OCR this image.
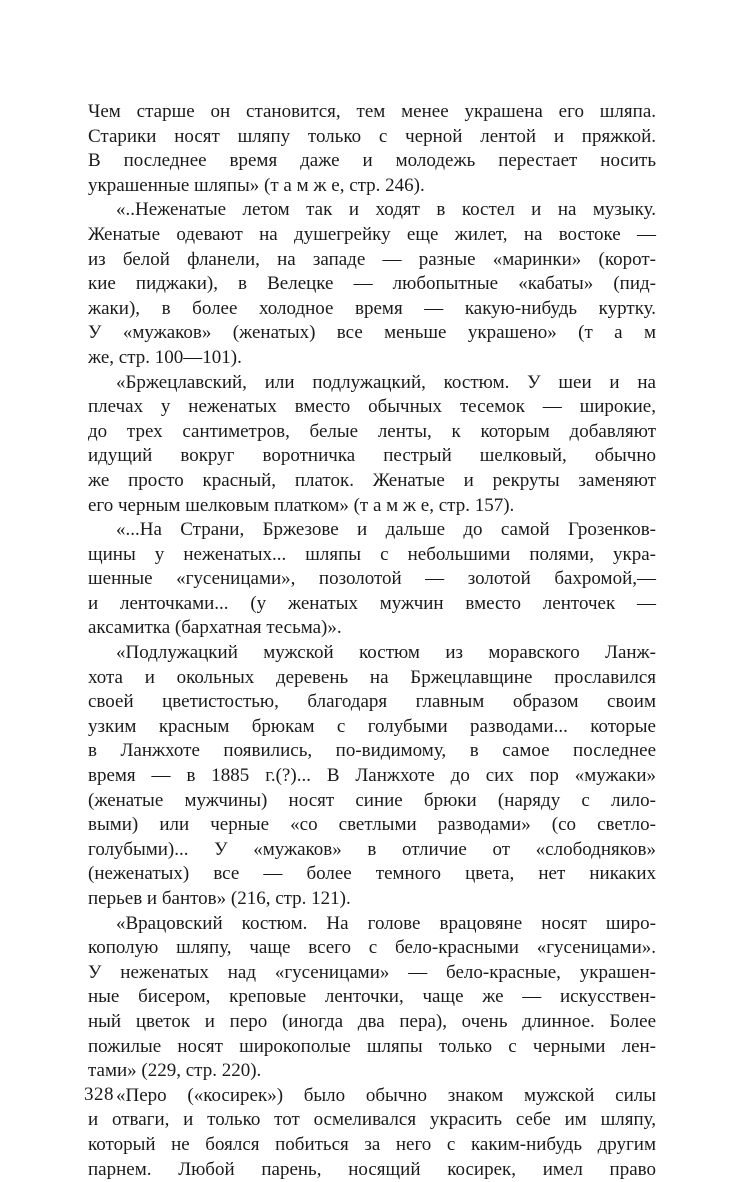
Чем старше он становится, тем менее украшена его шляпа.
Старики носят шляпу только с черной лентой и пряжкой.
В последнее время даже и молодежь перестает носить
украшенные шляпы» (т а м ж е, стр. 246).
«..Неженатые летом так и ходят в костел и на музыку.
Женатые одевают на душегрейку еще жилет, на востоке —
из белой фланели, на западе — разные «маринки» (корот-
кие пиджаки), в Велецке — любопытные «кабаты» (пид-
жаки), в более холодное время — какую-нибудь куртку.
У «мужаков» (женатых) все меньше украшено» (т а м
же, стр. 100—101).
«Бржецлавский, или подлужацкий, костюм. У шеи и на
плечах у неженатых вместо обычных тесемок — широкие,
до трех сантиметров, белые ленты, к которым добавляют
идущий вокруг воротничка пестрый шелковый, обычно
же просто красный, платок. Женатые и рекруты заменяют
его черным шелковым платком» (т а м ж е, стр. 157).
«...На Страни, Бржезове и дальше до самой Грозенков-
щины у неженатых... шляпы с небольшими полями, укра-
шенные «гусеницами», позолотой — золотой бахромой,—
и ленточками... (у женатых мужчин вместо ленточек —
аксамитка (бархатная тесьма)».
«Подлужацкий мужской костюм из моравского Ланж-
хота и окольных деревень на Бржецлавщине прославился
своей цветистостью, благодаря главным образом своим
узким красным брюкам с голубыми разводами... которые
в Ланжхоте появились, по-видимому, в самое последнее
время — в 1885 г.(?)... В Ланжхоте до сих пор «мужаки»
(женатые мужчины) носят синие брюки (наряду с лило-
выми) или черные «со светлыми разводами» (со светло-
голубыми)... У «мужаков» в отличие от «слободняков»
(неженатых) все — более темного цвета, нет никаких
перьев и бантов» (216, стр. 121).
«Врацовский костюм. На голове врацовяне носят широ-
кополую шляпу, чаще всего с бело-красными «гусеницами».
У неженатых над «гусеницами» — бело-красные, украшен-
ные бисером, креповые ленточки, чаще же — искусствен-
ный цветок и перо (иногда два пера), очень длинное. Более
пожилые носят широкополые шляпы только с черными лен-
тами» (229, стр. 220).
«Перо («косирек») было обычно знаком мужской силы
и отваги, и только тот осмеливался украсить себе им шляпу,
который не боялся побиться за него с каким-нибудь другим
парнем. Любой парень, носящий косирек, имел право
328
